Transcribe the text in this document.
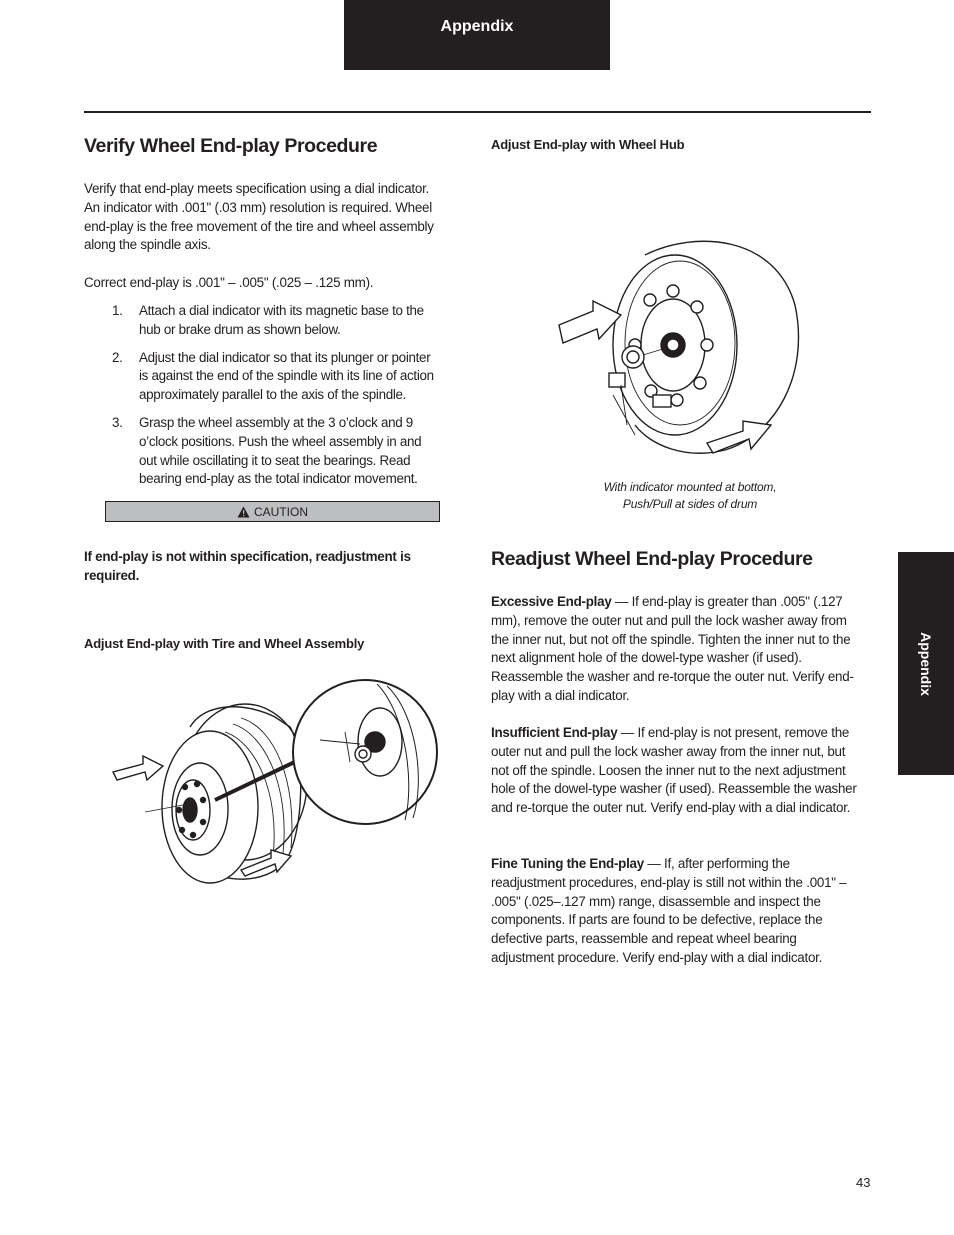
Appendix
Appendix
Verify Wheel End-play Procedure

Verify that end-play meets specification using a dial indicator. An indicator with .001" (.03 mm) resolution is required. Wheel end-play is the free movement of the tire and wheel assembly along the spindle axis.

Correct end-play is .001" – .005" (.025 – .125 mm).

1. Attach a dial indicator with its magnetic base to the hub or brake drum as shown below.
2. Adjust the dial indicator so that its plunger or pointer is against the end of the spindle with its line of action approximately parallel to the axis of the spindle.
3. Grasp the wheel assembly at the 3 o’clock and 9 o’clock positions. Push the wheel assembly in and out while oscillating it to seat the bearings. Read bearing end-play as the total indicator movement.
CAUTION

If end-play is not within specification, readjustment is required.

Adjust End-play with Tire and Wheel Assembly

Adjust End-play with Wheel Hub

With indicator mounted at bottom,
Push/Pull at sides of drum
Readjust Wheel End-play Procedure

Excessive End-play — If end-play is greater than .005" (.127 mm), remove the outer nut and pull the lock washer away from the inner nut, but not off the spindle. Tighten the inner nut to the next alignment hole of the dowel-type washer (if used). Reassemble the washer and re-torque the outer nut. Verify end-play with a dial indicator.

Insufficient End-play — If end-play is not present, remove the outer nut and pull the lock washer away from the inner nut, but not off the spindle. Loosen the inner nut to the next adjustment hole of the dowel-type washer (if used). Reassemble the washer and re-torque the outer nut. Verify end-play with a dial indicator.

Fine Tuning the End-play — If, after performing the readjustment procedures, end-play is still not within the .001" – .005" (.025–.127 mm) range, disassemble and inspect the components. If parts are found to be defective, replace the defective parts, reassemble and repeat wheel bearing adjustment procedure. Verify end-play with a dial indicator.

43
